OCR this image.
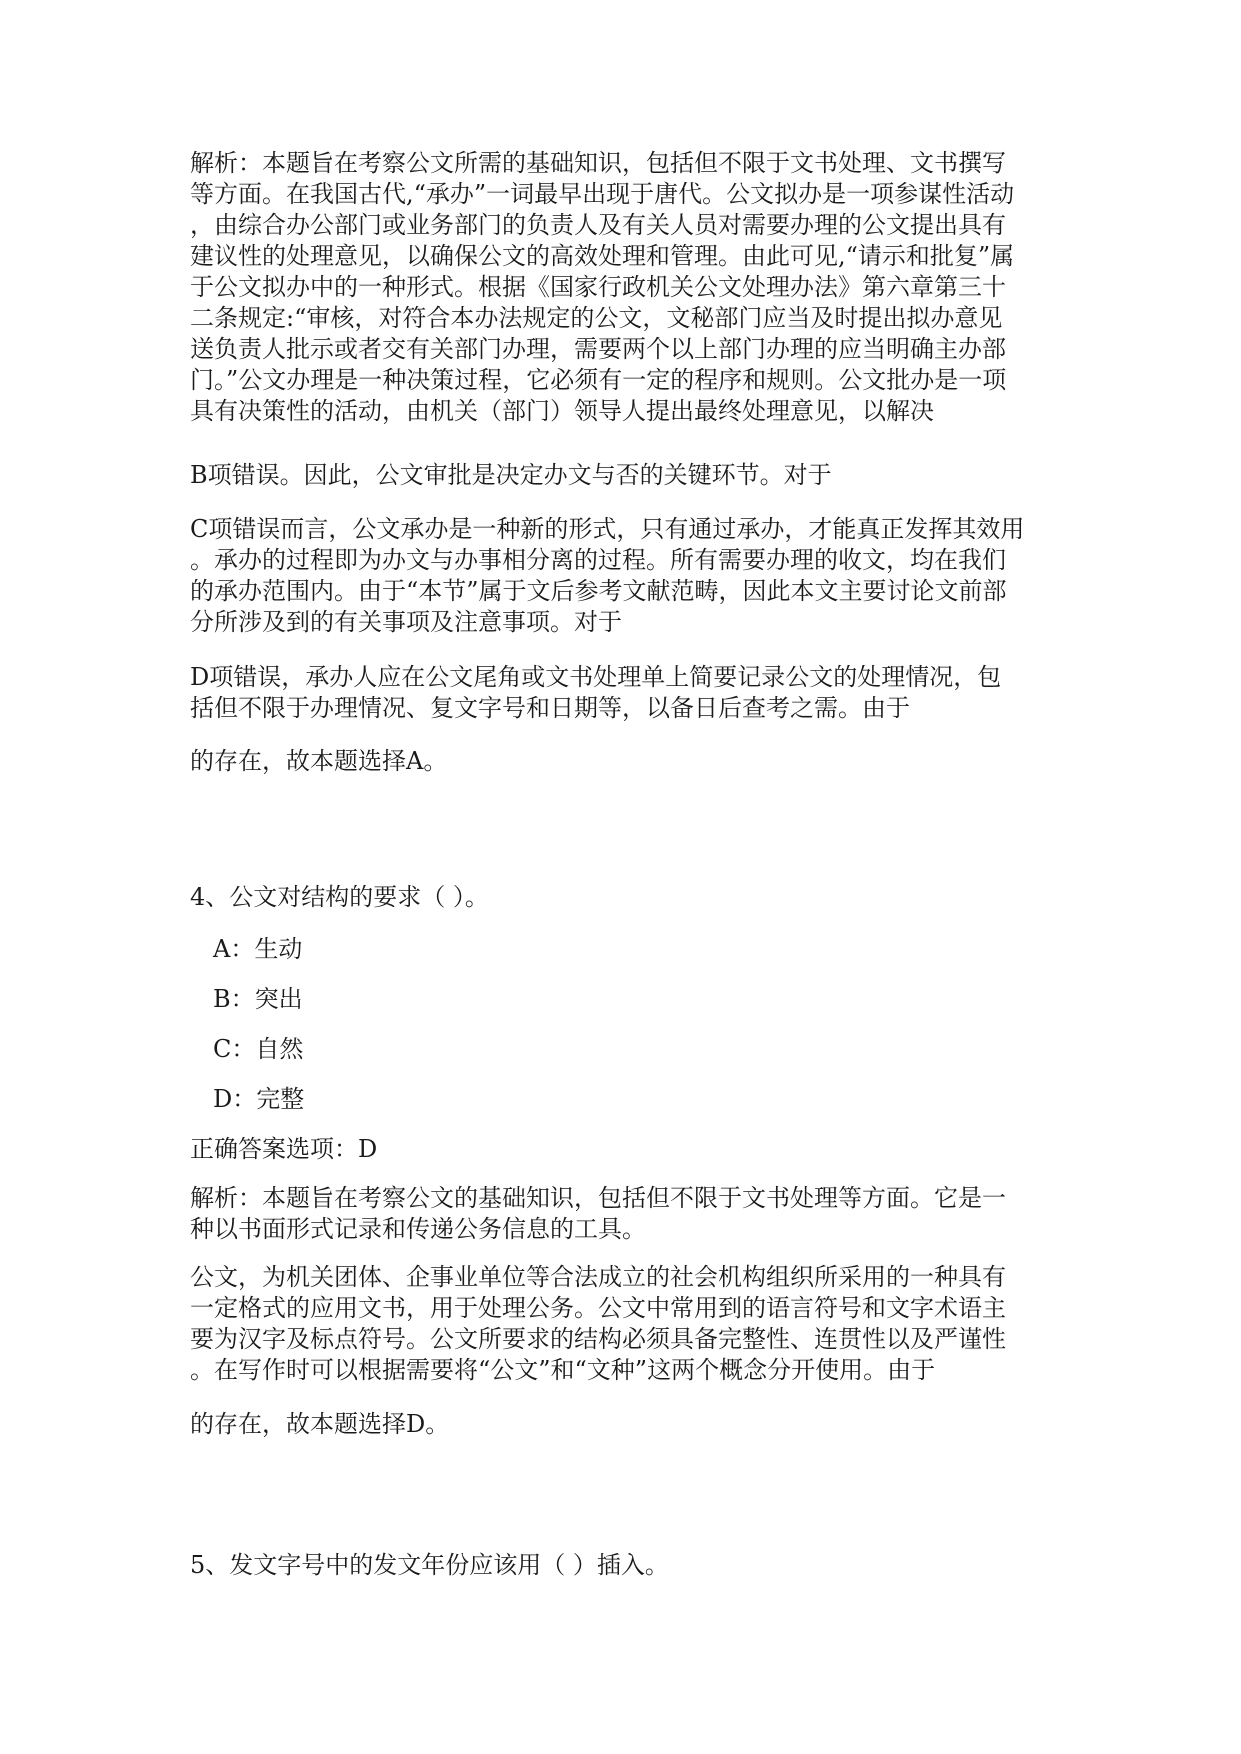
解析：本题旨在考察公文所需的基础知识，包括但不限于文书处理、文书撰写
等方面。在我国古代,“承办”一词最早出现于唐代。公文拟办是一项参谋性活动
，由综合办公部门或业务部门的负责人及有关人员对需要办理的公文提出具有
建议性的处理意见，以确保公文的高效处理和管理。由此可见,“请示和批复”属
于公文拟办中的一种形式。根据《国家行政机关公文处理办法》第六章第三十
二条规定:“审核，对符合本办法规定的公文，文秘部门应当及时提出拟办意见
送负责人批示或者交有关部门办理，需要两个以上部门办理的应当明确主办部
门。”公文办理是一种决策过程，它必须有一定的程序和规则。公文批办是一项
具有决策性的活动，由机关（部门）领导人提出最终处理意见，以解决
B项错误。因此，公文审批是决定办文与否的关键环节。对于
C项错误而言，公文承办是一种新的形式，只有通过承办，才能真正发挥其效用
。承办的过程即为办文与办事相分离的过程。所有需要办理的收文，均在我们
的承办范围内。由于“本节”属于文后参考文献范畴，因此本文主要讨论文前部
分所涉及到的有关事项及注意事项。对于
D项错误，承办人应在公文尾角或文书处理单上简要记录公文的处理情况，包
括但不限于办理情况、复文字号和日期等，以备日后查考之需。由于
的存在，故本题选择A。
4、公文对结构的要求（ ）。
A：生动
B：突出
C：自然
D：完整
正确答案选项：D
解析：本题旨在考察公文的基础知识，包括但不限于文书处理等方面。它是一
种以书面形式记录和传递公务信息的工具。
公文，为机关团体、企事业单位等合法成立的社会机构组织所采用的一种具有
一定格式的应用文书，用于处理公务。公文中常用到的语言符号和文字术语主
要为汉字及标点符号。公文所要求的结构必须具备完整性、连贯性以及严谨性
。在写作时可以根据需要将“公文”和“文种”这两个概念分开使用。由于
的存在，故本题选择D。
5、发文字号中的发文年份应该用（ ）插入。
